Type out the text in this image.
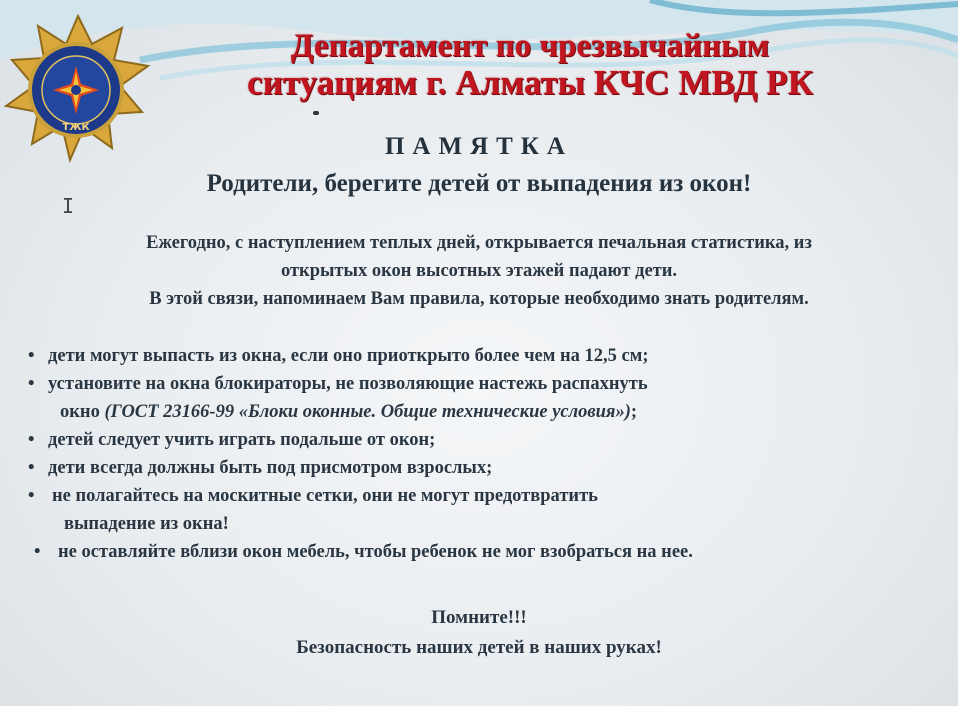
ТЖК
Департамент по чрезвычайным
ситуациям г. Алматы КЧС МВД РК
ПАМЯТКА
Родители, берегите детей от выпадения из окон!
I
Ежегодно, с наступлением теплых дней, открывается печальная статистика, из
открытых окон высотных этажей падают дети.
В этой связи, напоминаем Вам правила, которые необходимо знать родителям.
• дети могут выпасть из окна, если оно приоткрыто более чем на 12,5 см;
• установите на окна блокираторы, не позволяющие настежь распахнуть
окно (ГОСТ 23166-99 «Блоки оконные. Общие технические условия»);
• детей следует учить играть подальше от окон;
• дети всегда должны быть под присмотром взрослых;
• не полагайтесь на москитные сетки, они не могут предотвратить
выпадение из окна!
• не оставляйте вблизи окон мебель, чтобы ребенок не мог взобраться на нее.
Помните!!!
Безопасность наших детей в наших руках!
